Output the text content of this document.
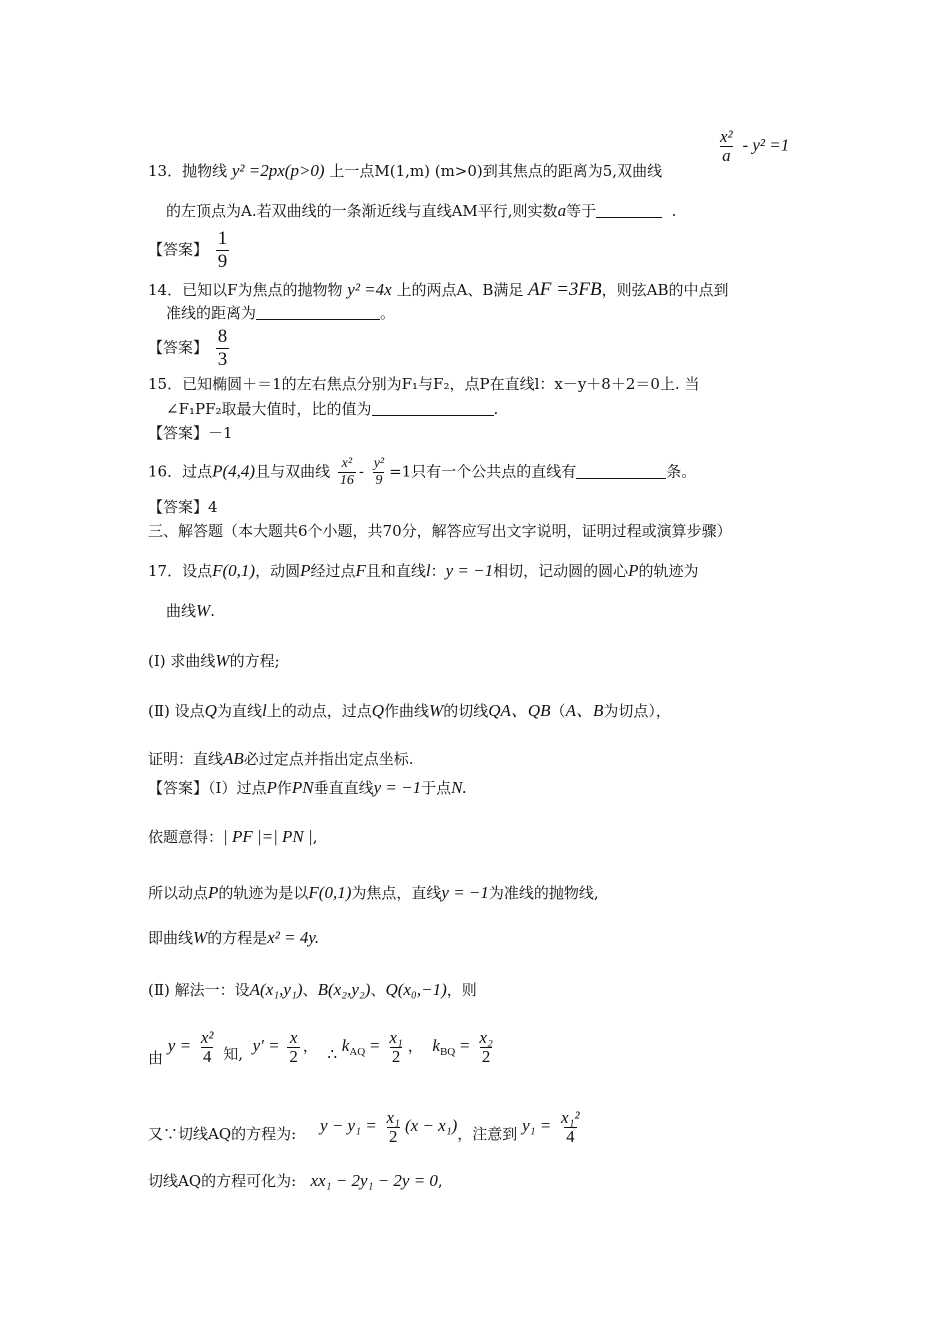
$\frac{\text{x²}}{a} - y^2 =1$
13．抛物线 y² =2px(p>0) 上一点M(1,m) (m>0)到其焦点的距离为5,双曲线
的左顶点为A.若双曲线的一条渐近线与直线AM平行,则实数a等于	.
【答案】 $\frac{1}{9}$
14．已知以F为焦点的抛物物 y² =4x 上的两点A、B满足 AF =3FB，则弦AB的中点到
准线的距离为	。
【答案】 $\frac{8}{3}$
15．已知椭圆＋＝1的左右焦点分别为F₁与F₂，点P在直线l：x－y＋8＋2＝0上. 当
∠F₁PF₂取最大值时，比的值为	.
【答案】－1
16．过点P(4,4)且与双曲线 $\frac{\text{x²}}{16} - \frac{\text{y²}}{9} =1$只有一个公共点的直线有	条。
【答案】4
三、解答题（本大题共6个小题，共70分，解答应写出文字说明，证明过程或演算步骤）
17．设点F(0,1)，动圆P经过点F且和直线l：y = −1相切，记动圆的圆心P的轨迹为
曲线W.
(Ⅰ) 求曲线W的方程;
(Ⅱ) 设点Q为直线l上的动点，过点Q作曲线W的切线QA、QB（A、B为切点），
证明：直线AB必过定点并指出定点坐标.
【答案】（Ⅰ）过点P作PN垂直直线y = −1于点N.
依题意得：| PF |=| PN |,
所以动点P的轨迹为是以F(0,1)为焦点，直线y = −1为准线的抛物线,
即曲线W的方程是x² = 4y.
(Ⅱ) 解法一：设A(x₁,y₁)、B(x₂,y₂)、Q(x₀,−1)，则
由 $y = \frac{\text{x²}}{4}$ 知, $y' = \frac{x}{2}$ ， ∴ $k_{AQ} = \frac{\text{x₁}}{2}$ ， $k_{BQ} = \frac{\text{x₂}}{2}$
又∵切线AQ的方程为: $y - y_1 = \frac{\text{x₁}}{2} (x - x_1)$，注意到 $y_1 = \frac{\text{x₁²}}{4}$
切线AQ的方程可化为: xx₁ − 2y₁ − 2y = 0,
